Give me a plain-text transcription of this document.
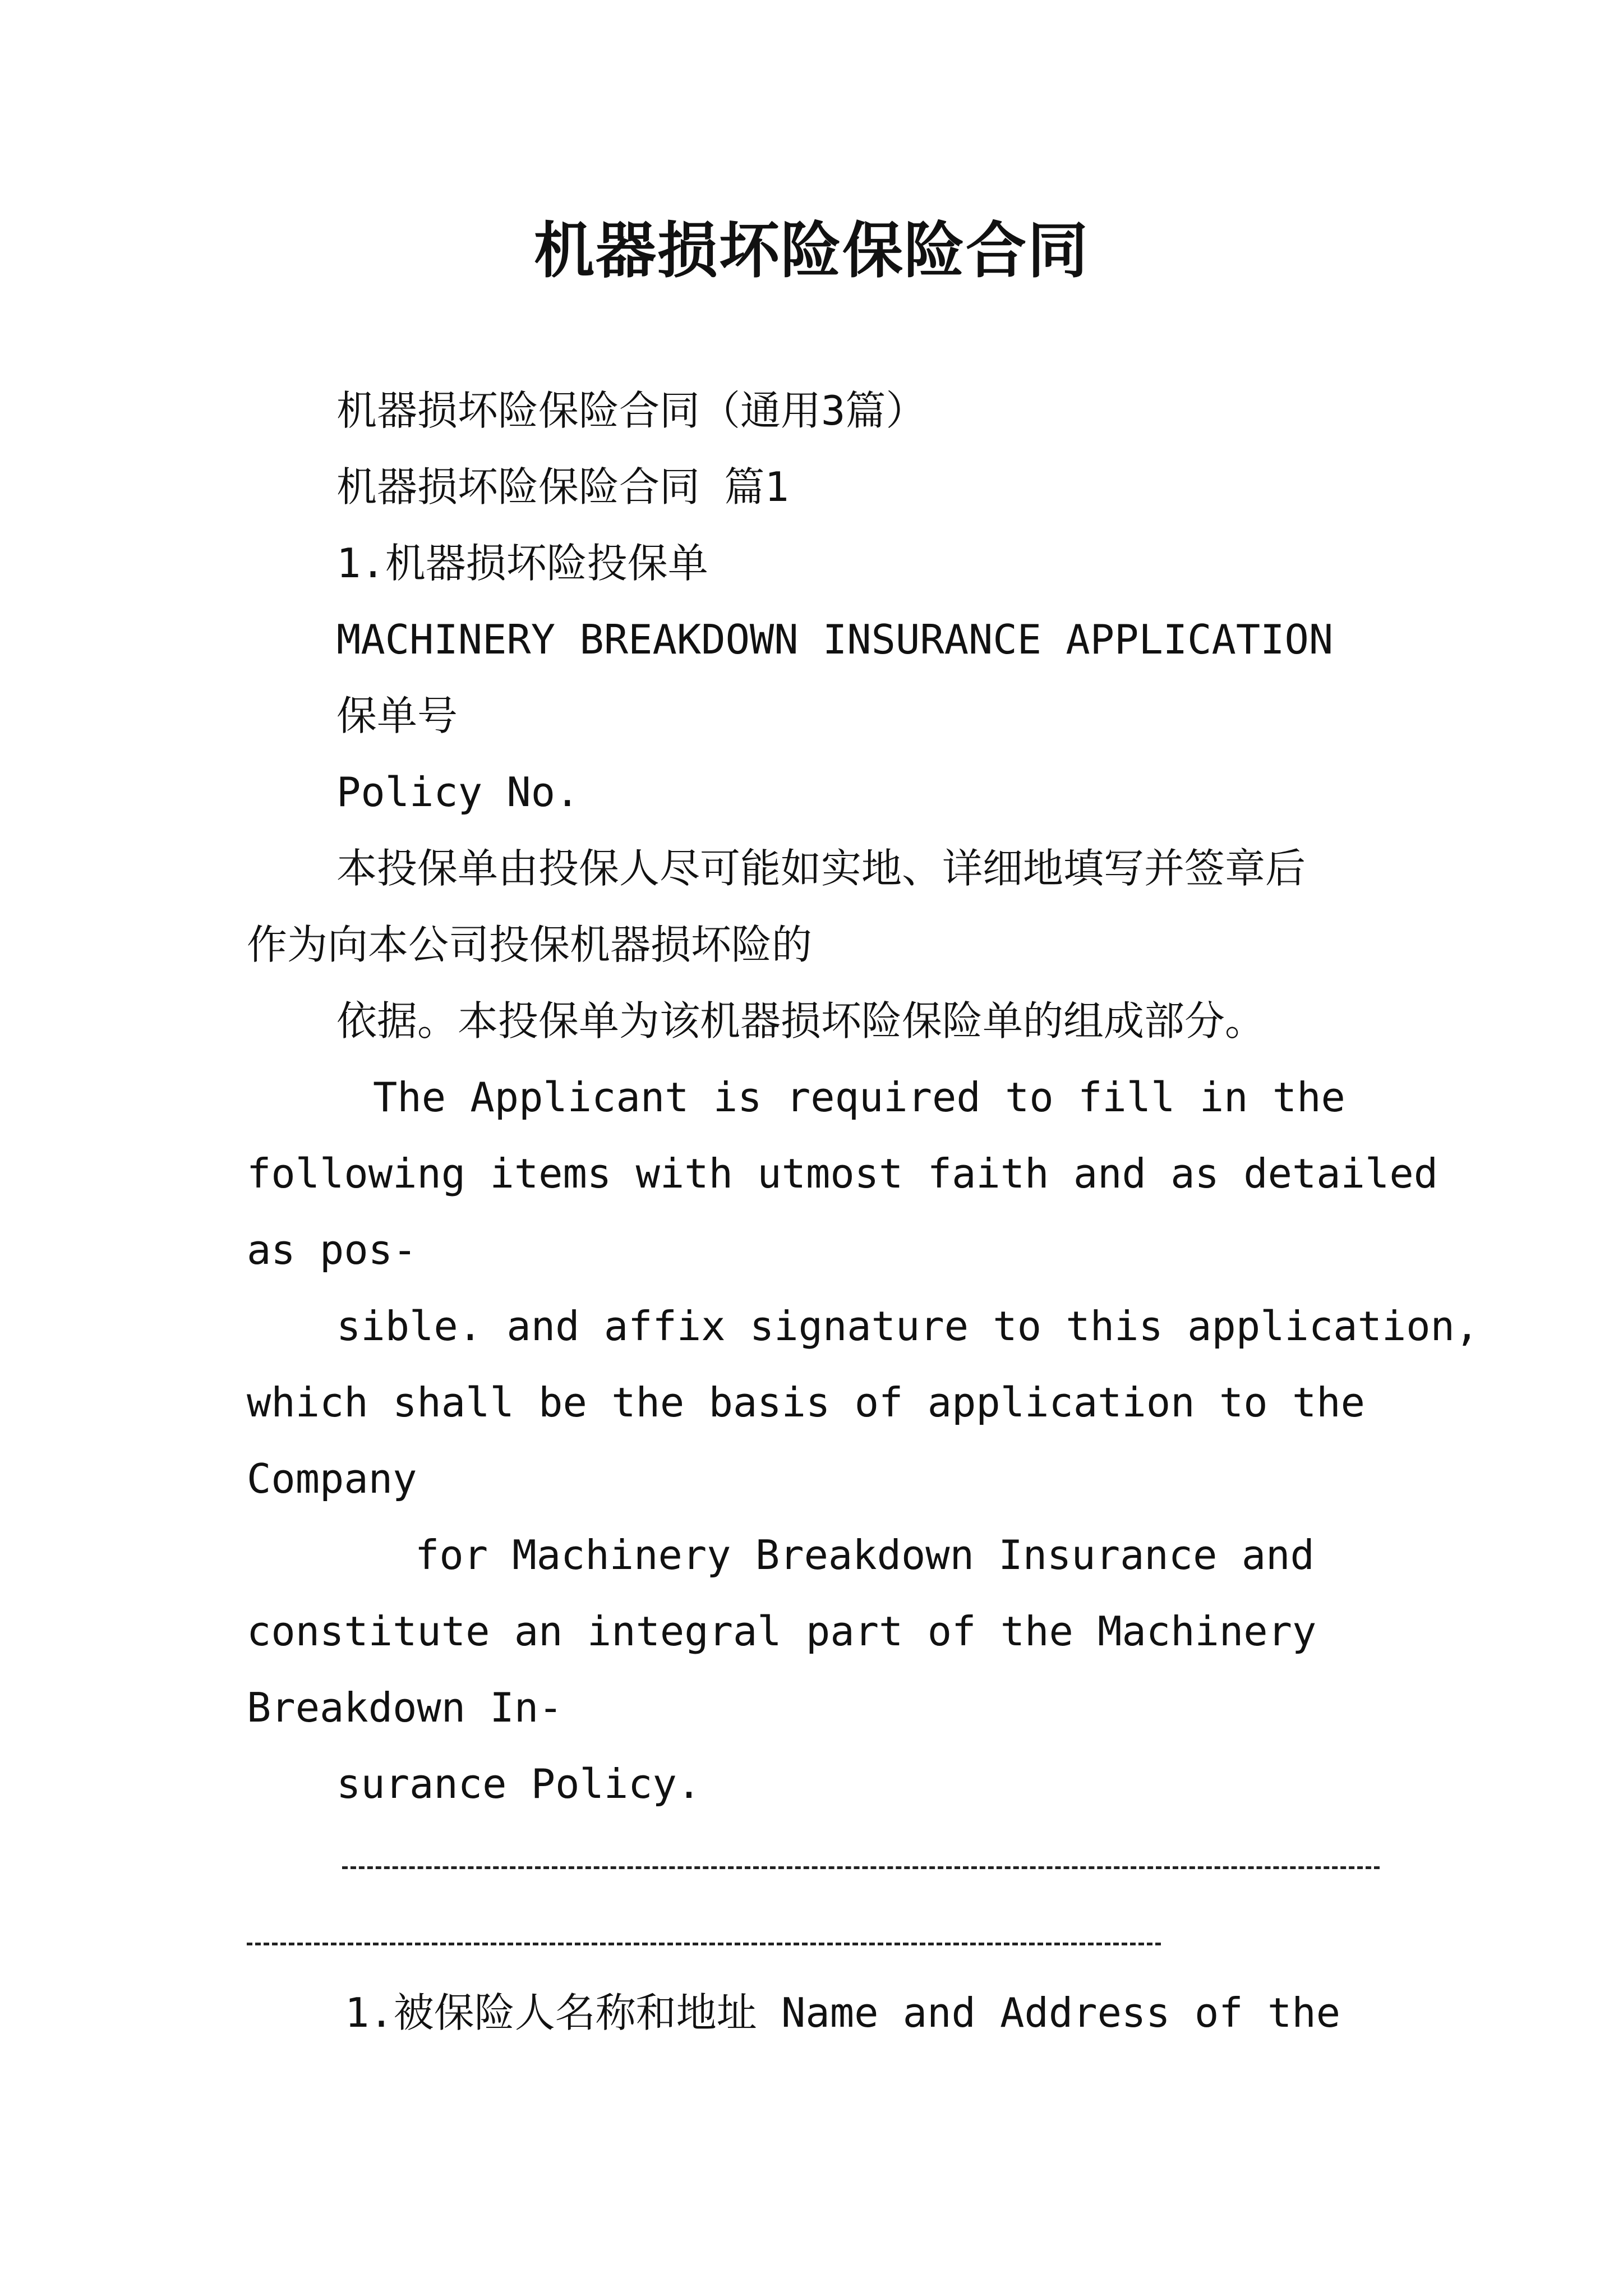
机器损坏险保险合同
机器损坏险保险合同（通用3篇）
机器损坏险保险合同 篇1
1.机器损坏险投保单
MACHINERY BREAKDOWN INSURANCE APPLICATION
保单号
Policy No.
本投保单由投保人尽可能如实地、详细地填写并签章后
作为向本公司投保机器损坏险的
依据。本投保单为该机器损坏险保险单的组成部分。
The Applicant is required to fill in the
following items with utmost faith and as detailed
as pos-
sible. and affix signature to this application,
which shall be the basis of application to the
Company
for Machinery Breakdown Insurance and
constitute an integral part of the Machinery
Breakdown In-
surance Policy.
1.被保险人名称和地址 Name and Address of the
